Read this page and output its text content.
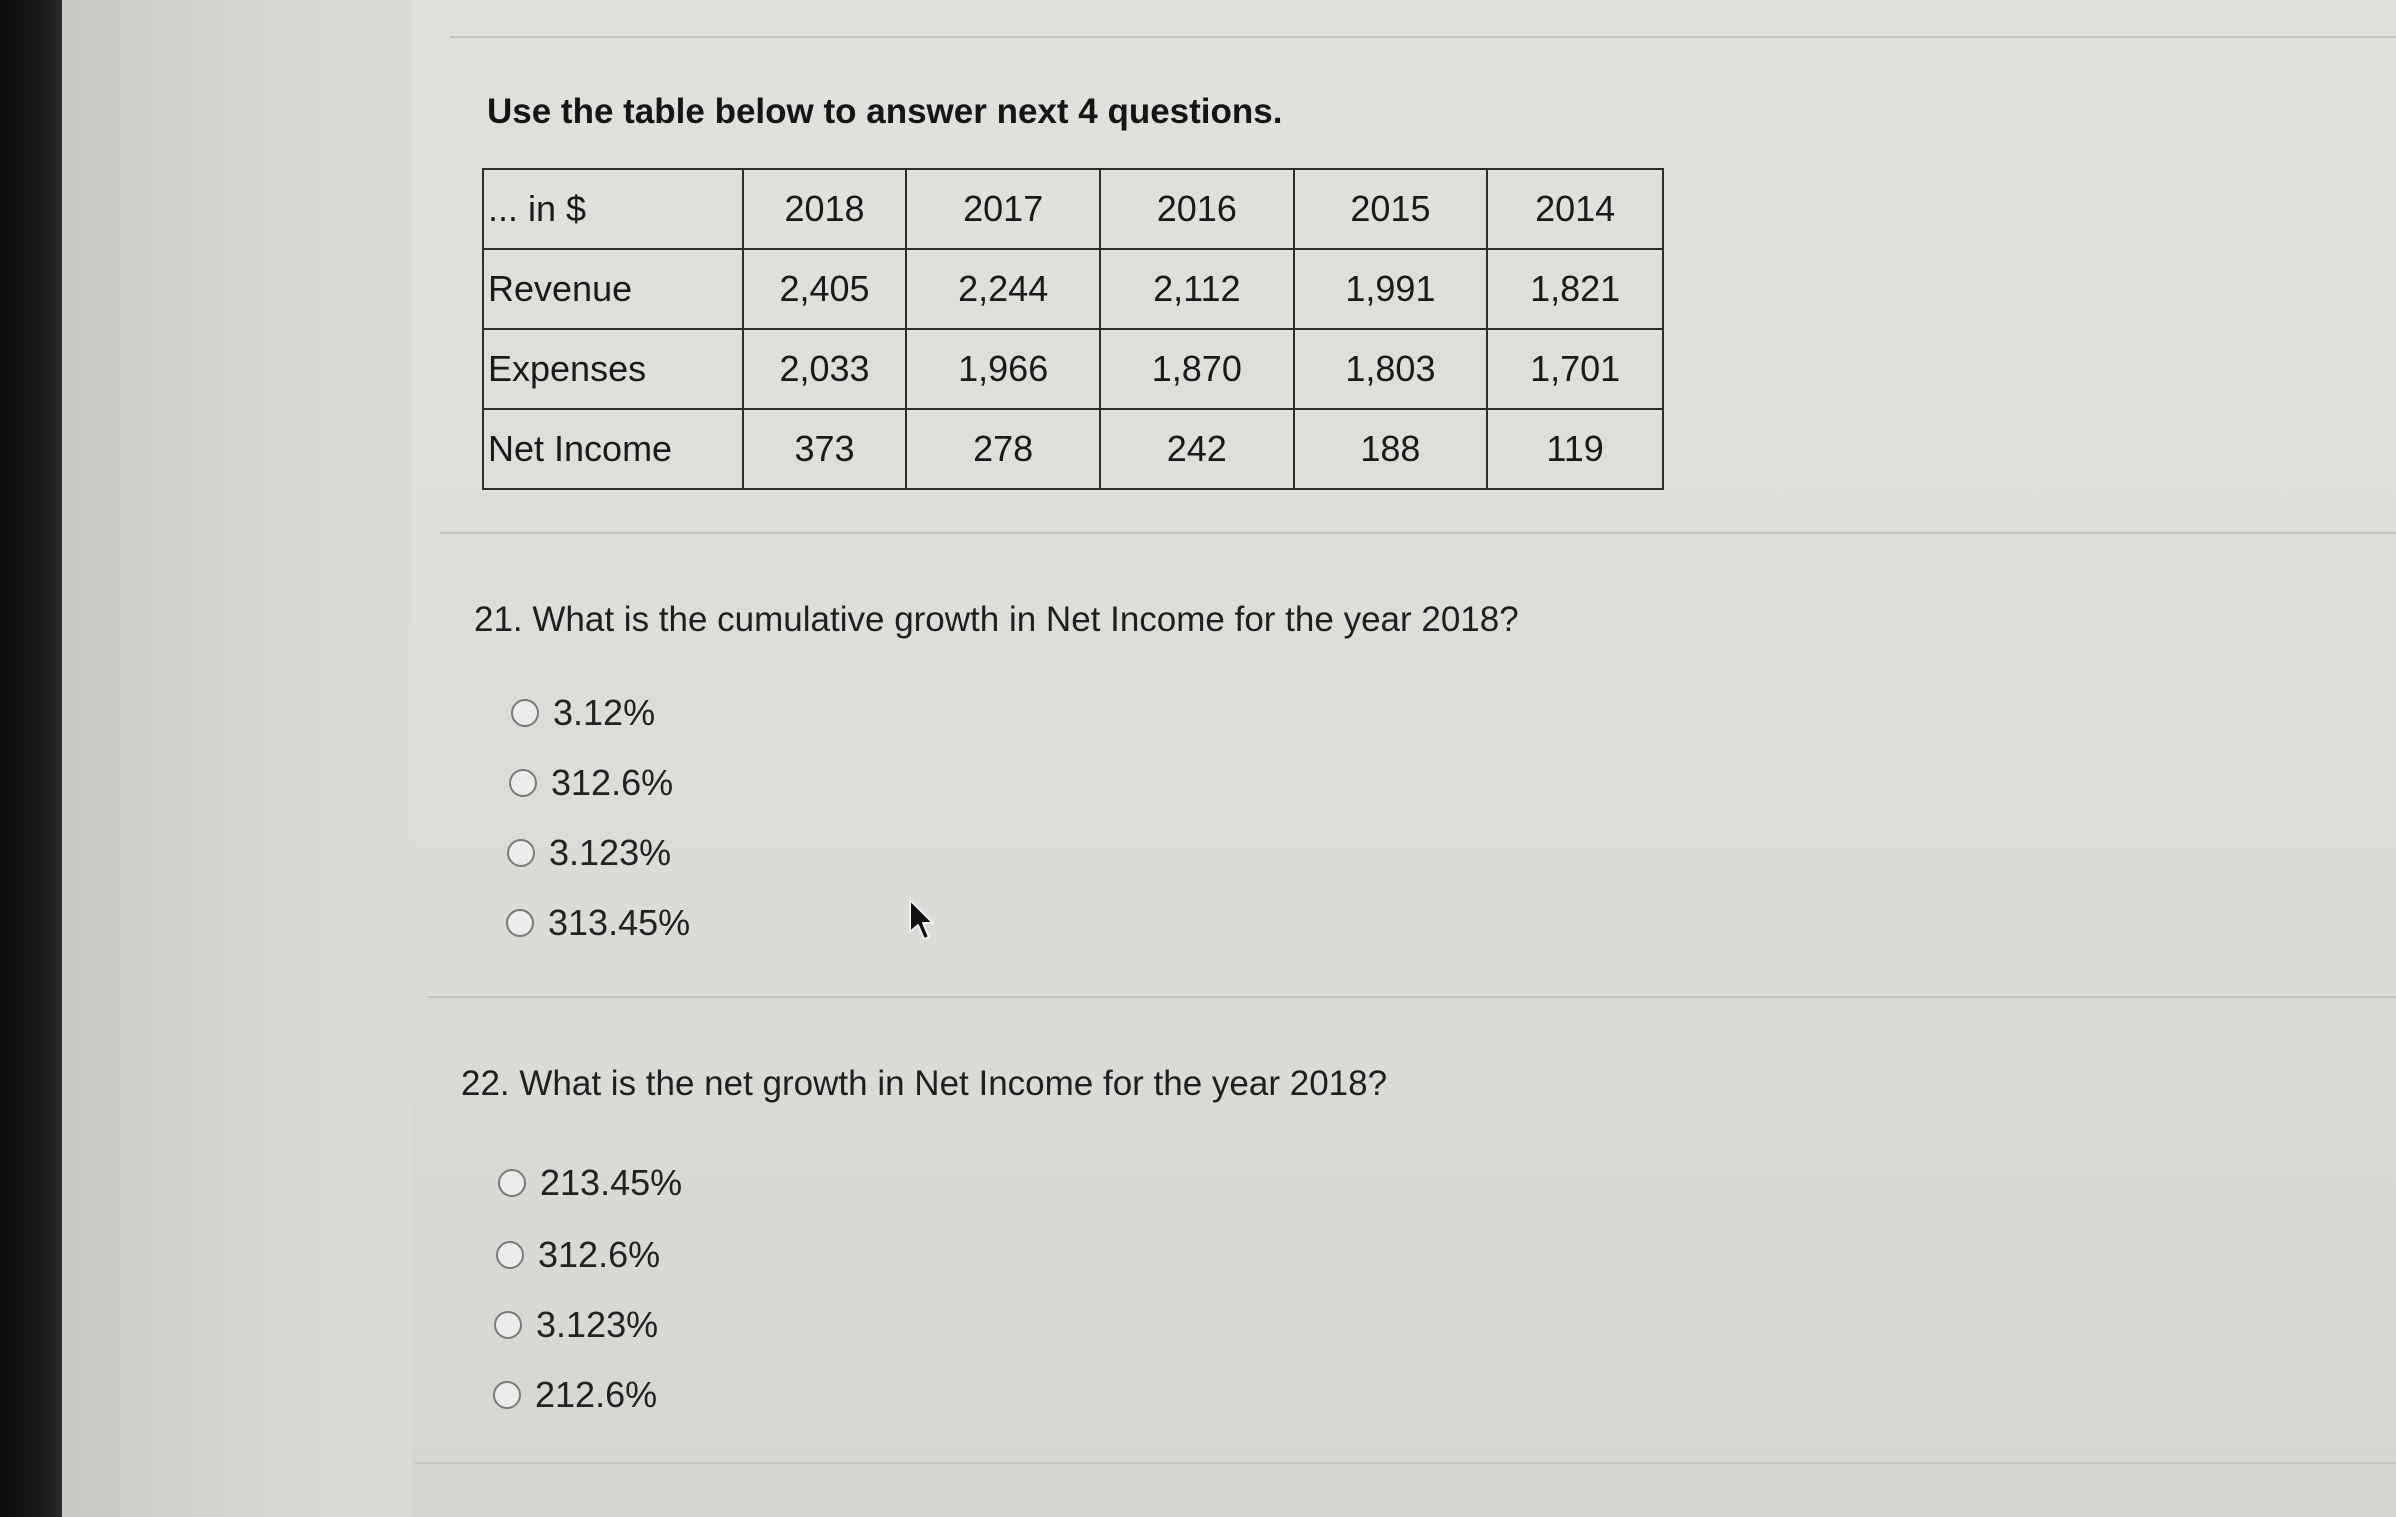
Use the table below to answer next 4 questions.
... in $	2018	2017	2016	2015	2014
Revenue	2,405	2,244	2,112	1,991	1,821
Expenses	2,033	1,966	1,870	1,803	1,701
Net Income	373	278	242	188	119
21. What is the cumulative growth in Net Income for the year 2018?
3.12%
312.6%
3.123%
313.45%
22. What is the net growth in Net Income for the year 2018?
213.45%
312.6%
3.123%
212.6%
